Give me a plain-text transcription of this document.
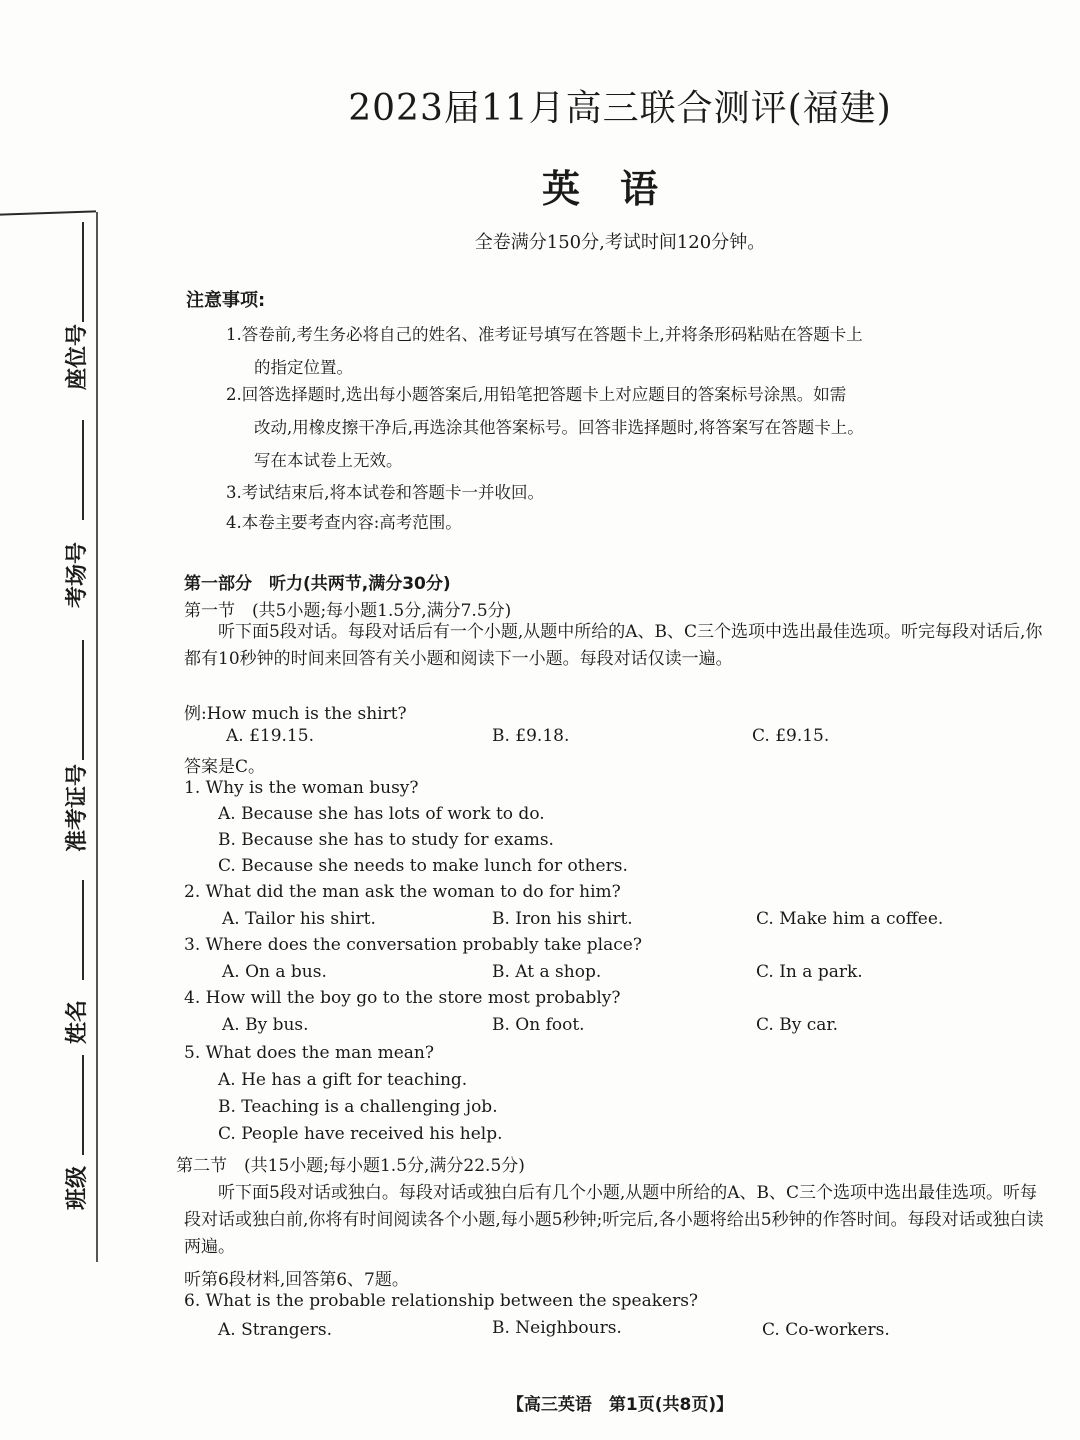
座位号
考场号
准考证号
姓名
班级
2023届11月高三联合测评(福建)
英语
全卷满分150分,考试时间120分钟。
注意事项:
1.答卷前,考生务必将自己的姓名、准考证号填写在答题卡上,并将条形码粘贴在答题卡上
的指定位置。
2.回答选择题时,选出每小题答案后,用铅笔把答题卡上对应题目的答案标号涂黑。如需
改动,用橡皮擦干净后,再选涂其他答案标号。回答非选择题时,将答案写在答题卡上。
写在本试卷上无效。
3.考试结束后,将本试卷和答题卡一并收回。
4.本卷主要考查内容:高考范围。
第一部分　听力(共两节,满分30分)
第一节　(共5小题;每小题1.5分,满分7.5分)
听下面5段对话。每段对话后有一个小题,从题中所给的A、B、C三个选项中选出最佳选项。听完每段对话后,你都有10秒钟的时间来回答有关小题和阅读下一小题。每段对话仅读一遍。
例:How much is the shirt?
A. £19.15.	B. £9.18.	C. £9.15.
答案是C。
1. Why is the woman busy?
A. Because she has lots of work to do.
B. Because she has to study for exams.
C. Because she needs to make lunch for others.
2. What did the man ask the woman to do for him?
A. Tailor his shirt.	B. Iron his shirt.	C. Make him a coffee.
3. Where does the conversation probably take place?
A. On a bus.	B. At a shop.	C. In a park.
4. How will the boy go to the store most probably?
A. By bus.	B. On foot.	C. By car.
5. What does the man mean?
A. He has a gift for teaching.
B. Teaching is a challenging job.
C. People have received his help.
第二节　(共15小题;每小题1.5分,满分22.5分)
听下面5段对话或独白。每段对话或独白后有几个小题,从题中所给的A、B、C三个选项中选出最佳选项。听每段对话或独白前,你将有时间阅读各个小题,每小题5秒钟;听完后,各小题将给出5秒钟的作答时间。每段对话或独白读两遍。
听第6段材料,回答第6、7题。
6. What is the probable relationship between the speakers?
A. Strangers.	B. Neighbours.	C. Co-workers.
【高三英语　第1页(共8页)】
